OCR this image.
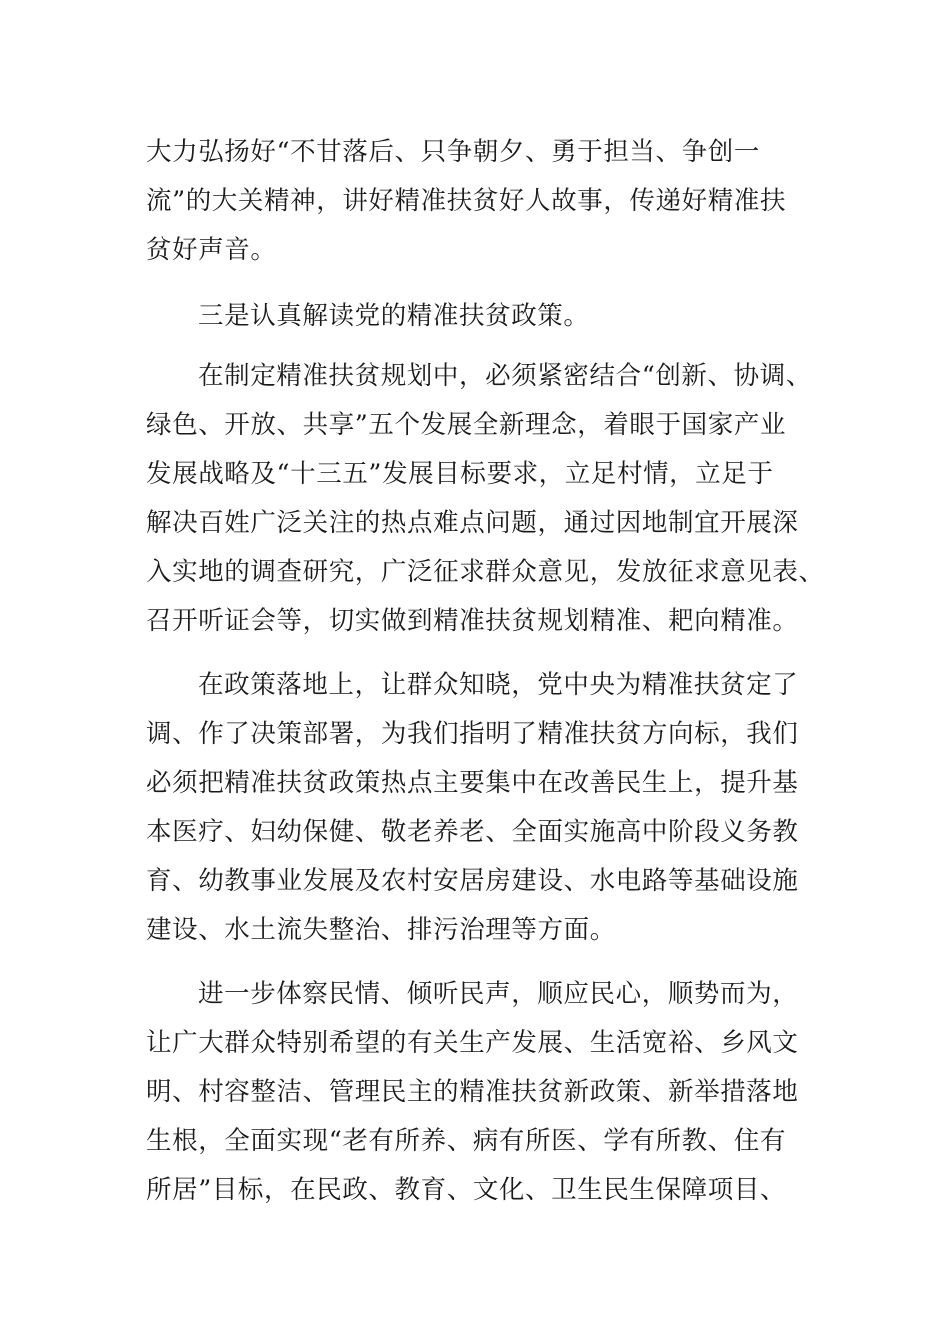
大力弘扬好“不甘落后、只争朝夕、勇于担当、争创一
流”的大关精神，讲好精准扶贫好人故事，传递好精准扶
贫好声音。
三是认真解读党的精准扶贫政策。
在制定精准扶贫规划中，必须紧密结合“创新、协调、
绿色、开放、共享”五个发展全新理念，着眼于国家产业
发展战略及“十三五”发展目标要求，立足村情，立足于
解决百姓广泛关注的热点难点问题，通过因地制宜开展深
入实地的调查研究，广泛征求群众意见，发放征求意见表、
召开听证会等，切实做到精准扶贫规划精准、耙向精准。
在政策落地上，让群众知晓，党中央为精准扶贫定了
调、作了决策部署，为我们指明了精准扶贫方向标，我们
必须把精准扶贫政策热点主要集中在改善民生上，提升基
本医疗、妇幼保健、敬老养老、全面实施高中阶段义务教
育、幼教事业发展及农村安居房建设、水电路等基础设施
建设、水土流失整治、排污治理等方面。
进一步体察民情、倾听民声，顺应民心，顺势而为，
让广大群众特别希望的有关生产发展、生活宽裕、乡风文
明、村容整洁、管理民主的精准扶贫新政策、新举措落地
生根，全面实现“老有所养、病有所医、学有所教、住有
所居”目标，在民政、教育、文化、卫生民生保障项目、
